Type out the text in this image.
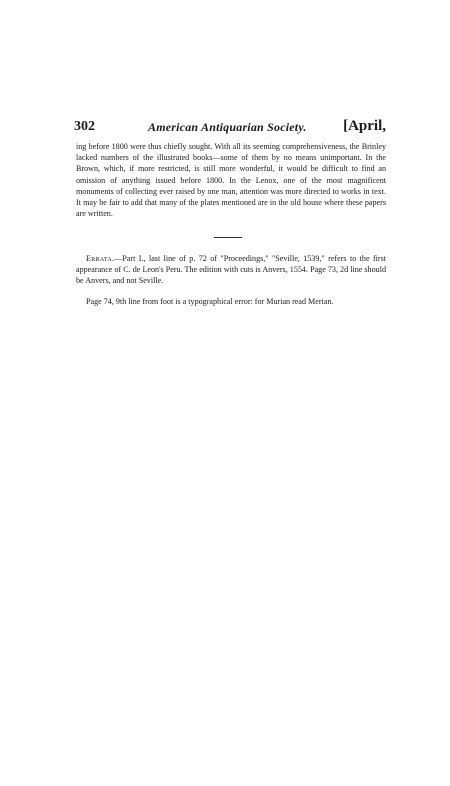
302	American Antiquarian Society. [April,
ing before 1800 were thus chiefly sought. With all its seeming comprehensiveness, the Brinley lacked numbers of the illustrated books—some of them by no means unimportant. In the Brown, which, if more restricted, is still more wonderful, it would be difficult to find an omission of anything issued before 1800. In the Lenox, one of the most magnificent monuments of collecting ever raised by one man, attention was more directed to works in text. It may be fair to add that many of the plates mentioned are in the old house where these papers are written.
Errata.—Part I., last line of p. 72 of "Proceedings," "Seville, 1539," refers to the first appearance of C. de Leon's Peru. The edition with cuts is Anvers, 1554. Page 73, 2d line should be Anvers, and not Seville.
Page 74, 9th line from foot is a typographical error: for Murian read Merian.
